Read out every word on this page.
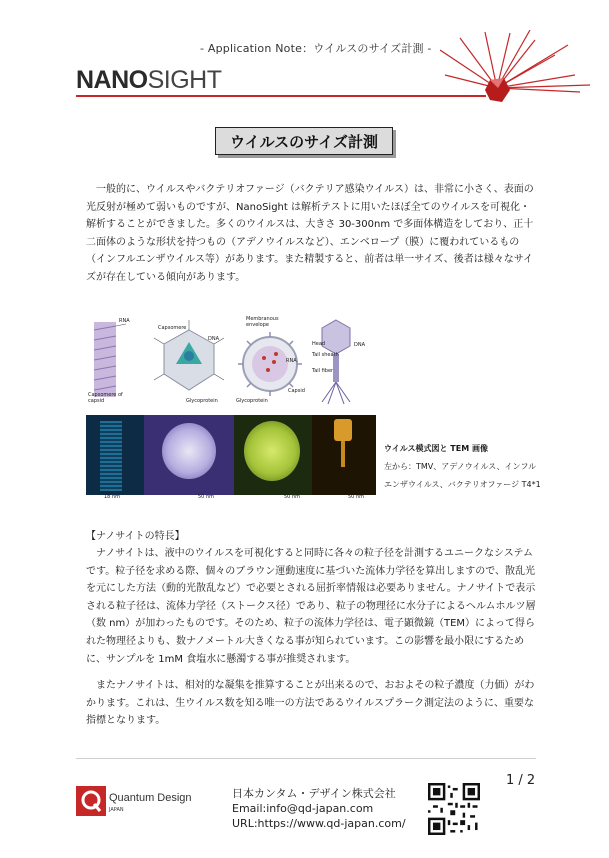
- Application Note：ウイルスのサイズ計測 -
NANOSIGHT
ウイルスのサイズ計測
　一般的に、ウイルスやバクテリオファージ（バクテリア感染ウイルス）は、非常に小さく、表面の光反射が極めて弱いものですが、NanoSight は解析テストに用いたほぼ全てのウイルスを可視化・解析することができました。多くのウイルスは、大きさ 30-300nm で多面体構造をしており、正十二面体のような形状を持つもの（アデノウイルスなど）、エンベロープ（膜）に覆われているもの（インフルエンザウイルス等）があります。また精製すると、前者は単一サイズ、後者は様々なサイズが存在している傾向があります。
RNA
Capsomere of capsid
Capsomere
DNA
Glycoprotein
Membranous envelope
RNA
Glycoprotein
Capsid
Head
Tail sheath
Tail fiber
DNA
18 nm	50 nm	50 nm	50 nm
ウイルス模式図と TEM 画像
左から：TMV、アデノウイルス、インフルエンザウイルス、バクテリオファージ T4*1
【ナノサイトの特長】
　ナノサイトは、液中のウイルスを可視化すると同時に各々の粒子径を計測するユニークなシステムです。粒子径を求める際、個々のブラウン運動速度に基づいた流体力学径を算出しますので、散乱光を元にした方法（動的光散乱など）で必要とされる屈折率情報は必要ありません。ナノサイトで表示される粒子径は、流体力学径（ストークス径）であり、粒子の物理径に水分子によるヘルムホルツ層（数 nm）が加わったものです。そのため、粒子の流体力学径は、電子顕微鏡（TEM）によって得られた物理径よりも、数ナノメートル大きくなる事が知られています。この影響を最小限にするために、サンプルを 1mM 食塩水に懸濁する事が推奨されます。
　またナノサイトは、相対的な凝集を推算することが出来るので、おおよその粒子濃度（力価）がわかります。これは、生ウイルス数を知る唯一の方法であるウイルスプラーク測定法のように、重要な指標となります。
1 / 2
Quantum Design
JAPAN
日本カンタム・デザイン株式会社
Email:info@qd-japan.com
URL:https://www.qd-japan.com/
